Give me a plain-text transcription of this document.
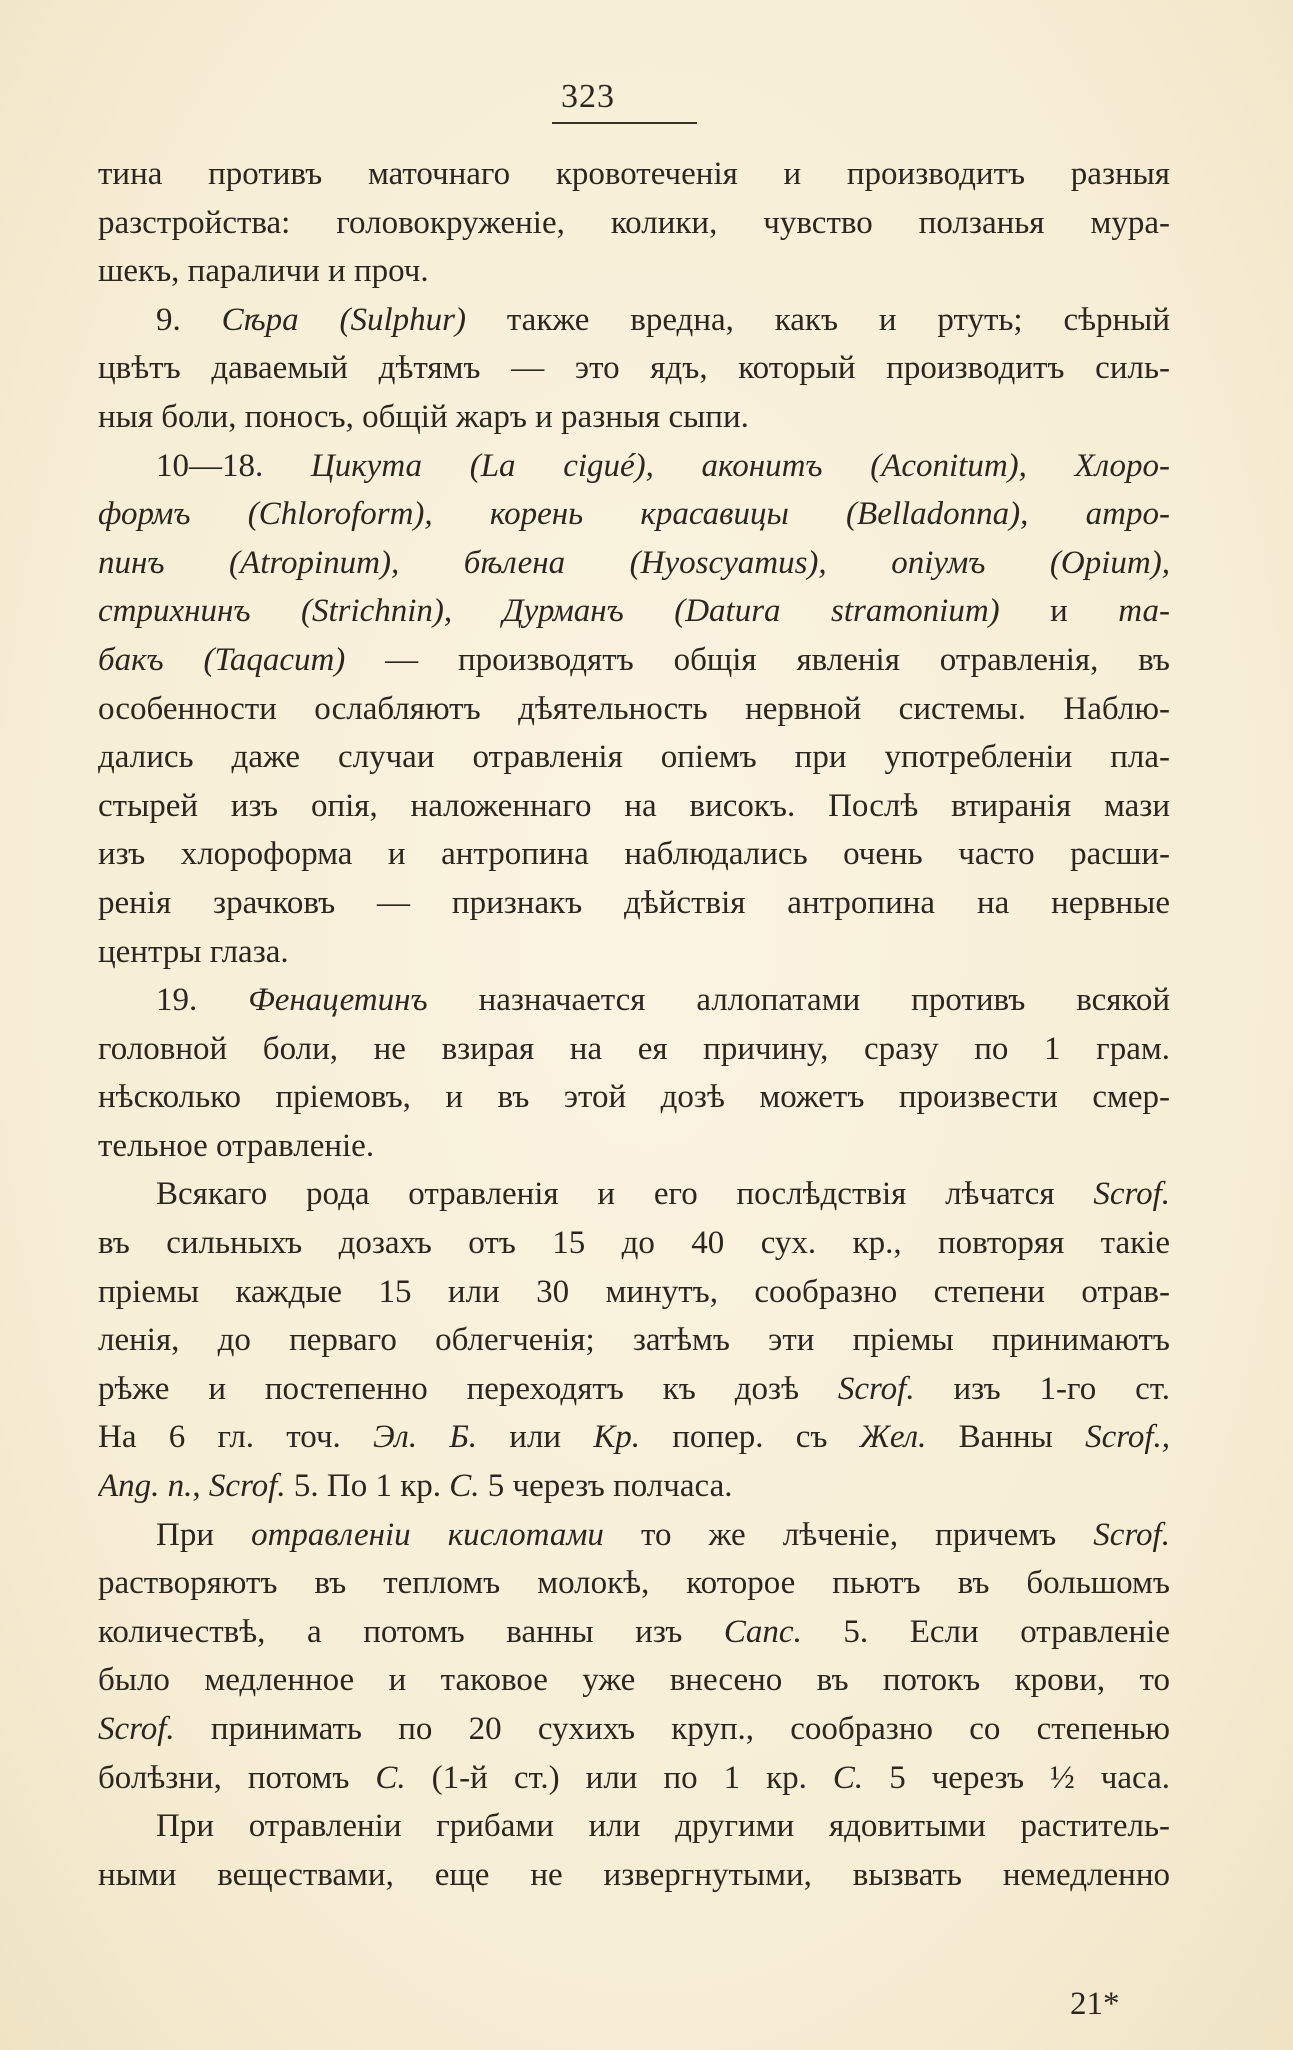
323
тина противъ маточнаго кровотеченія и производитъ разныя
разстройства: головокруженіе, колики, чувство ползанья мура-
шекъ, параличи и проч.
9. Сѣра (Sulphur) также вредна, какъ и ртуть; сѣрный
цвѣтъ даваемый дѣтямъ — это ядъ, который производитъ силь-
ныя боли, поносъ, общій жаръ и разныя сыпи.
10—18. Цикута (La cigué), аконитъ (Aconitum), Хлоро-
формъ (Chloroform), корень красавицы (Belladonna), атро-
пинъ (Atropinum), бѣлена (Hyoscyamus), опіумъ (Opium),
стрихнинъ (Strichnin), Дурманъ (Datura stramonium) и та-
бакъ (Taqacum) — производятъ общія явленія отравленія, въ
особенности ослабляютъ дѣятельность нервной системы. Наблю-
дались даже случаи отравленія опіемъ при употребленіи пла-
стырей изъ опія, наложеннаго на високъ. Послѣ втиранія мази
изъ хлороформа и антропина наблюдались очень часто расши-
ренія зрачковъ — признакъ дѣйствія антропина на нервные
центры глаза.
19. Фенацетинъ назначается аллопатами противъ всякой
головной боли, не взирая на ея причину, сразу по 1 грам.
нѣсколько пріемовъ, и въ этой дозѣ можетъ произвести смер-
тельное отравленіе.
Всякаго рода отравленія и его послѣдствія лѣчатся Scrof.
въ сильныхъ дозахъ отъ 15 до 40 сух. кр., повторяя такіе
пріемы каждые 15 или 30 минутъ, сообразно степени отрав-
ленія, до перваго облегченія; затѣмъ эти пріемы принимаютъ
рѣже и постепенно переходятъ къ дозѣ Scrof. изъ 1-го ст.
На 6 гл. точ. Эл. Б. или Кр. попер. съ Жел. Ванны Scrof.,
Ang. n., Scrof. 5. По 1 кр. С. 5 черезъ полчаса.
При отравленіи кислотами то же лѣченіе, причемъ Scrof.
растворяютъ въ тепломъ молокѣ, которое пьютъ въ большомъ
количествѣ, а потомъ ванны изъ Canc. 5. Если отравленіе
было медленное и таковое уже внесено въ потокъ крови, то
Scrof. принимать по 20 сухихъ круп., сообразно со степенью
болѣзни, потомъ С. (1-й ст.) или по 1 кр. С. 5 черезъ ½ часа.
При отравленіи грибами или другими ядовитыми раститель-
ными веществами, еще не извергнутыми, вызвать немедленно
21*
